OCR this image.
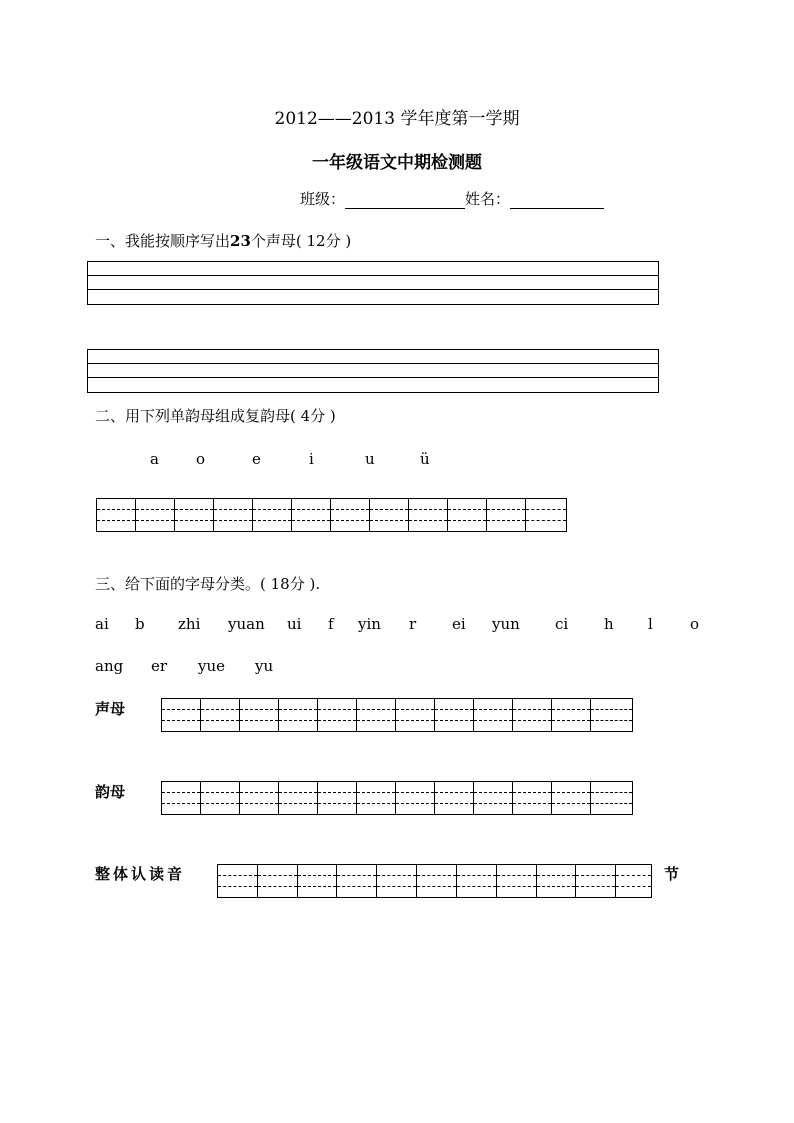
2012——2013 学年度第一学期
一年级语文中期检测题
班级：	姓名：
一、我能按顺序写出23个声母( 12分 )
二、用下列单韵母组成复韵母( 4分 )
a o	e	i	u	ü
三、给下面的字母分类。( 18分 ).
ai b zhi yuan ui f yin r ei yun ci h l o
ang er yue yu
声母
韵母
整体认读音	节
